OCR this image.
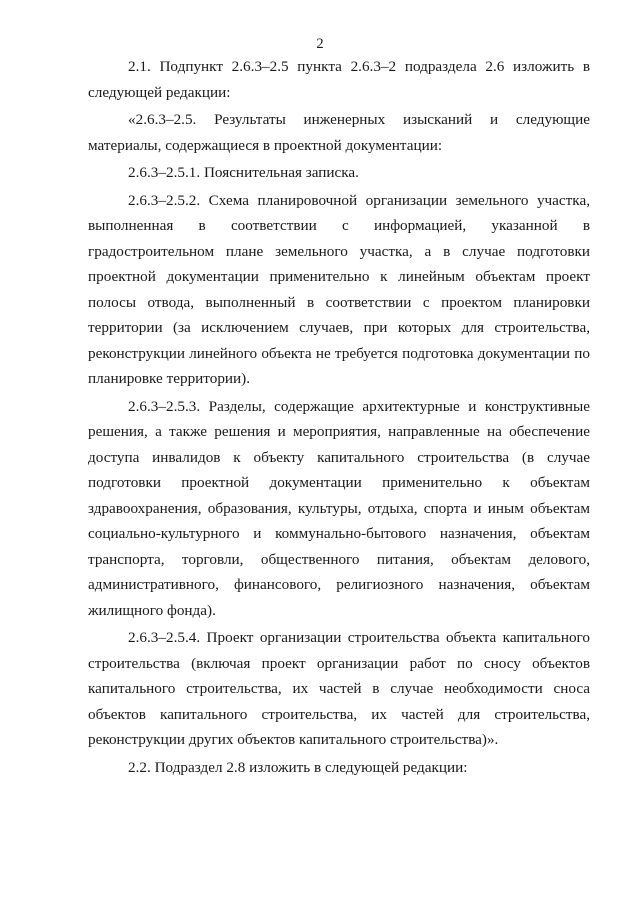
2

2.1. Подпункт 2.6.3–2.5 пункта 2.6.3–2 подраздела 2.6 изложить в следующей редакции:

«2.6.3–2.5. Результаты инженерных изысканий и следующие материалы, содержащиеся в проектной документации:

2.6.3–2.5.1. Пояснительная записка.

2.6.3–2.5.2. Схема планировочной организации земельного участка, выполненная в соответствии с информацией, указанной в градостроительном плане земельного участка, а в случае подготовки проектной документации применительно к линейным объектам проект полосы отвода, выполненный в соответствии с проектом планировки территории (за исключением случаев, при которых для строительства, реконструкции линейного объекта не требуется подготовка документации по планировке территории).

2.6.3–2.5.3. Разделы, содержащие архитектурные и конструктивные решения, а также решения и мероприятия, направленные на обеспечение доступа инвалидов к объекту капитального строительства (в случае подготовки проектной документации применительно к объектам здравоохранения, образования, культуры, отдыха, спорта и иным объектам социально-культурного и коммунально-бытового назначения, объектам транспорта, торговли, общественного питания, объектам делового, административного, финансового, религиозного назначения, объектам жилищного фонда).

2.6.3–2.5.4. Проект организации строительства объекта капитального строительства (включая проект организации работ по сносу объектов капитального строительства, их частей в случае необходимости сноса объектов капитального строительства, их частей для строительства, реконструкции других объектов капитального строительства)».

2.2. Подраздел 2.8 изложить в следующей редакции:
